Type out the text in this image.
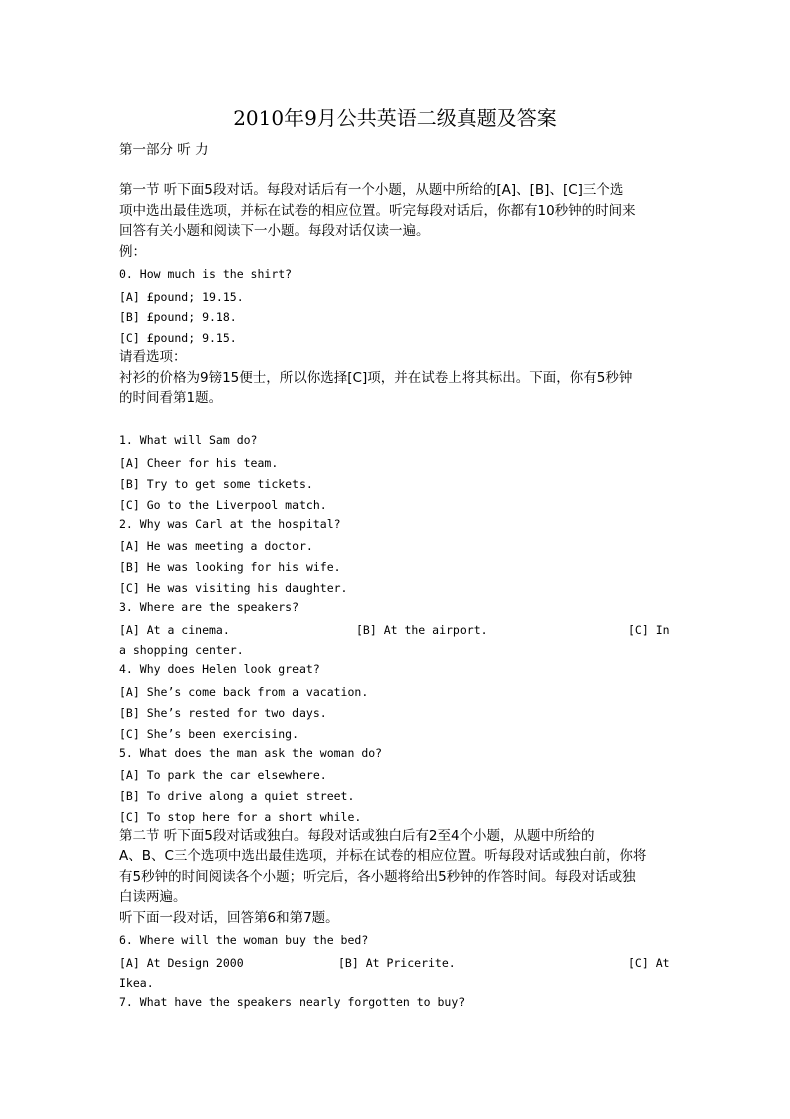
2010年9月公共英语二级真题及答案
第一部分 听 力
第一节 听下面5段对话。每段对话后有一个小题，从题中所给的[A]、[B]、[C]三个选
项中选出最佳选项，并标在试卷的相应位置。听完每段对话后，你都有10秒钟的时间来
回答有关小题和阅读下一小题。每段对话仅读一遍。
例：
0. How much is the shirt?
[A] £pound; 19.15.
[B] £pound; 9.18.
[C] £pound; 9.15.
请看选项：
衬衫的价格为9镑15便士，所以你选择[C]项，并在试卷上将其标出。下面，你有5秒钟
的时间看第1题。
1. What will Sam do?
[A] Cheer for his team.
[B] Try to get some tickets.
[C] Go to the Liverpool match.
2. Why was Carl at the hospital?
[A] He was meeting a doctor.
[B] He was looking for his wife.
[C] He was visiting his daughter.
3. Where are the speakers?
[A] At a cinema.	[B] At the airport.	[C] In
a shopping center.
4. Why does Helen look great?
[A] She’s come back from a vacation.
[B] She’s rested for two days.
[C] She’s been exercising.
5. What does the man ask the woman do?
[A] To park the car elsewhere.
[B] To drive along a quiet street.
[C] To stop here for a short while.
第二节 听下面5段对话或独白。每段对话或独白后有2至4个小题，从题中所给的
A、B、C三个选项中选出最佳选项，并标在试卷的相应位置。听每段对话或独白前，你将
有5秒钟的时间阅读各个小题；听完后，各小题将给出5秒钟的作答时间。每段对话或独
白读两遍。
听下面一段对话，回答第6和第7题。
6. Where will the woman buy the bed?
[A] At Design 2000	[B] At Pricerite.	[C] At
Ikea.
7. What have the speakers nearly forgotten to buy?
